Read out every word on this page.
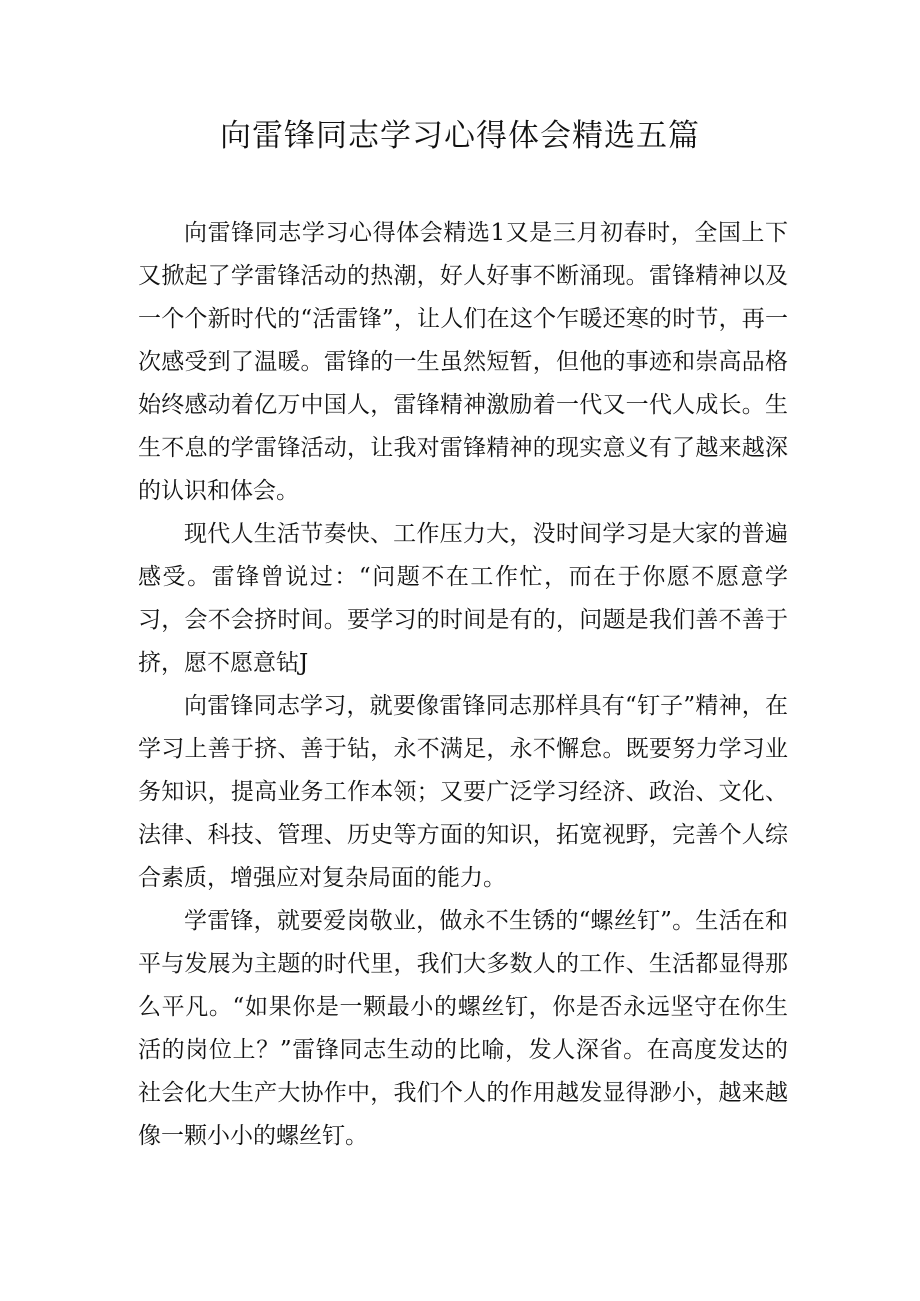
向雷锋同志学习心得体会精选五篇

向雷锋同志学习心得体会精选1又是三月初春时，全国上下又掀起了学雷锋活动的热潮，好人好事不断涌现。雷锋精神以及一个个新时代的“活雷锋”，让人们在这个乍暖还寒的时节，再一次感受到了温暖。雷锋的一生虽然短暂，但他的事迹和崇高品格始终感动着亿万中国人，雷锋精神激励着一代又一代人成长。生生不息的学雷锋活动，让我对雷锋精神的现实意义有了越来越深的认识和体会。

现代人生活节奏快、工作压力大，没时间学习是大家的普遍感受。雷锋曾说过：“问题不在工作忙，而在于你愿不愿意学习，会不会挤时间。要学习的时间是有的，问题是我们善不善于挤，愿不愿意钻J

向雷锋同志学习，就要像雷锋同志那样具有“钉子”精神，在学习上善于挤、善于钻，永不满足，永不懈怠。既要努力学习业务知识，提高业务工作本领；又要广泛学习经济、政治、文化、法律、科技、管理、历史等方面的知识，拓宽视野，完善个人综合素质，增强应对复杂局面的能力。

学雷锋，就要爱岗敬业，做永不生锈的“螺丝钉”。生活在和平与发展为主题的时代里，我们大多数人的工作、生活都显得那么平凡。“如果你是一颗最小的螺丝钉，你是否永远坚守在你生活的岗位上？”雷锋同志生动的比喻，发人深省。在高度发达的社会化大生产大协作中，我们个人的作用越发显得渺小，越来越像一颗小小的螺丝钉。
